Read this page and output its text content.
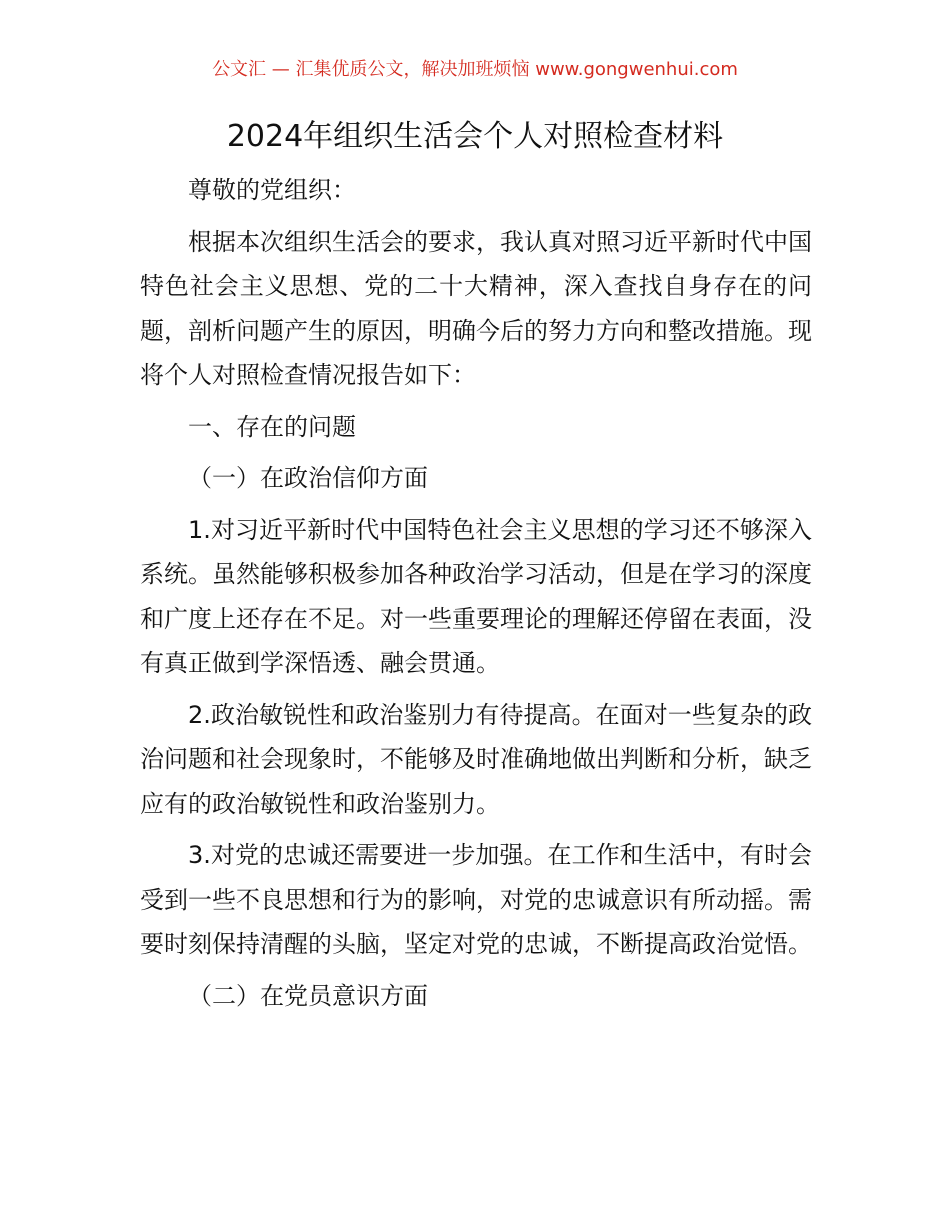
公文汇 — 汇集优质公文，解决加班烦恼 www.gongwenhui.com
2024年组织生活会个人对照检查材料

尊敬的党组织：

根据本次组织生活会的要求，我认真对照习近平新时代中国特色社会主义思想、党的二十大精神，深入查找自身存在的问题，剖析问题产生的原因，明确今后的努力方向和整改措施。现将个人对照检查情况报告如下：

一、存在的问题

（一）在政治信仰方面

1.对习近平新时代中国特色社会主义思想的学习还不够深入系统。虽然能够积极参加各种政治学习活动，但是在学习的深度和广度上还存在不足。对一些重要理论的理解还停留在表面，没有真正做到学深悟透、融会贯通。

2.政治敏锐性和政治鉴别力有待提高。在面对一些复杂的政治问题和社会现象时，不能够及时准确地做出判断和分析，缺乏应有的政治敏锐性和政治鉴别力。

3.对党的忠诚还需要进一步加强。在工作和生活中，有时会受到一些不良思想和行为的影响，对党的忠诚意识有所动摇。需要时刻保持清醒的头脑，坚定对党的忠诚，不断提高政治觉悟。

（二）在党员意识方面
